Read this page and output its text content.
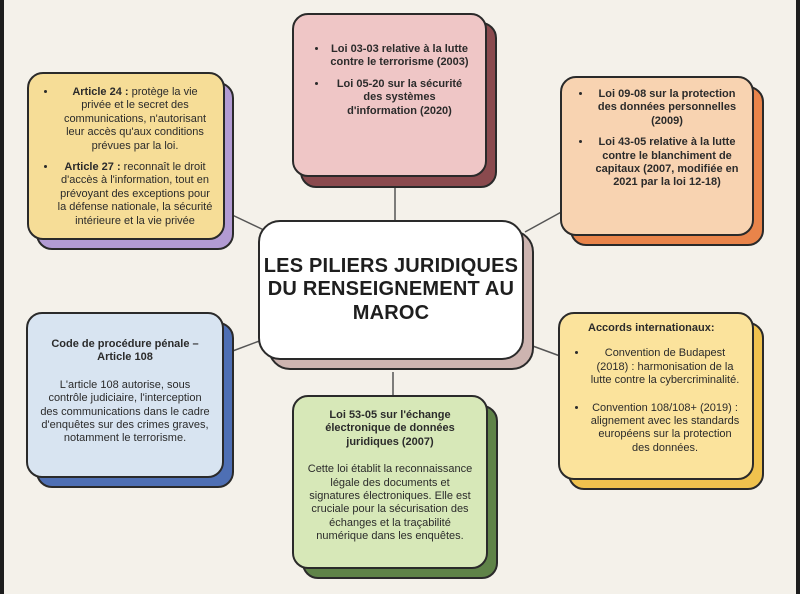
• Loi 03-03 relative à la lutte contre le terrorisme (2003)
• Loi 05-20 sur la sécurité des systèmes d'information (2020)
• Article 24 : protège la vie privée et le secret des communications, n'autorisant leur accès qu'aux conditions prévues par la loi.
• Article 27 : reconnaît le droit d'accès à l'information, tout en prévoyant des exceptions pour la défense nationale, la sécurité intérieure et la vie privée
• Loi 09-08 sur la protection des données personnelles (2009)
• Loi 43-05 relative à la lutte contre le blanchiment de capitaux (2007, modifiée en 2021 par la loi 12-18)
LES PILIERS JURIDIQUES
DU RENSEIGNEMENT AU
MAROC
Code de procédure pénale – Article 108
L'article 108 autorise, sous contrôle judiciaire, l'interception des communications dans le cadre d'enquêtes sur des crimes graves, notamment le terrorisme.
Loi 53-05 sur l'échange électronique de données juridiques (2007)
Cette loi établit la reconnaissance légale des documents et signatures électroniques. Elle est cruciale pour la sécurisation des échanges et la traçabilité numérique dans les enquêtes.
Accords internationaux:
• Convention de Budapest (2018) : harmonisation de la lutte contre la cybercriminalité.
• Convention 108/108+ (2019) : alignement avec les standards européens sur la protection des données.
